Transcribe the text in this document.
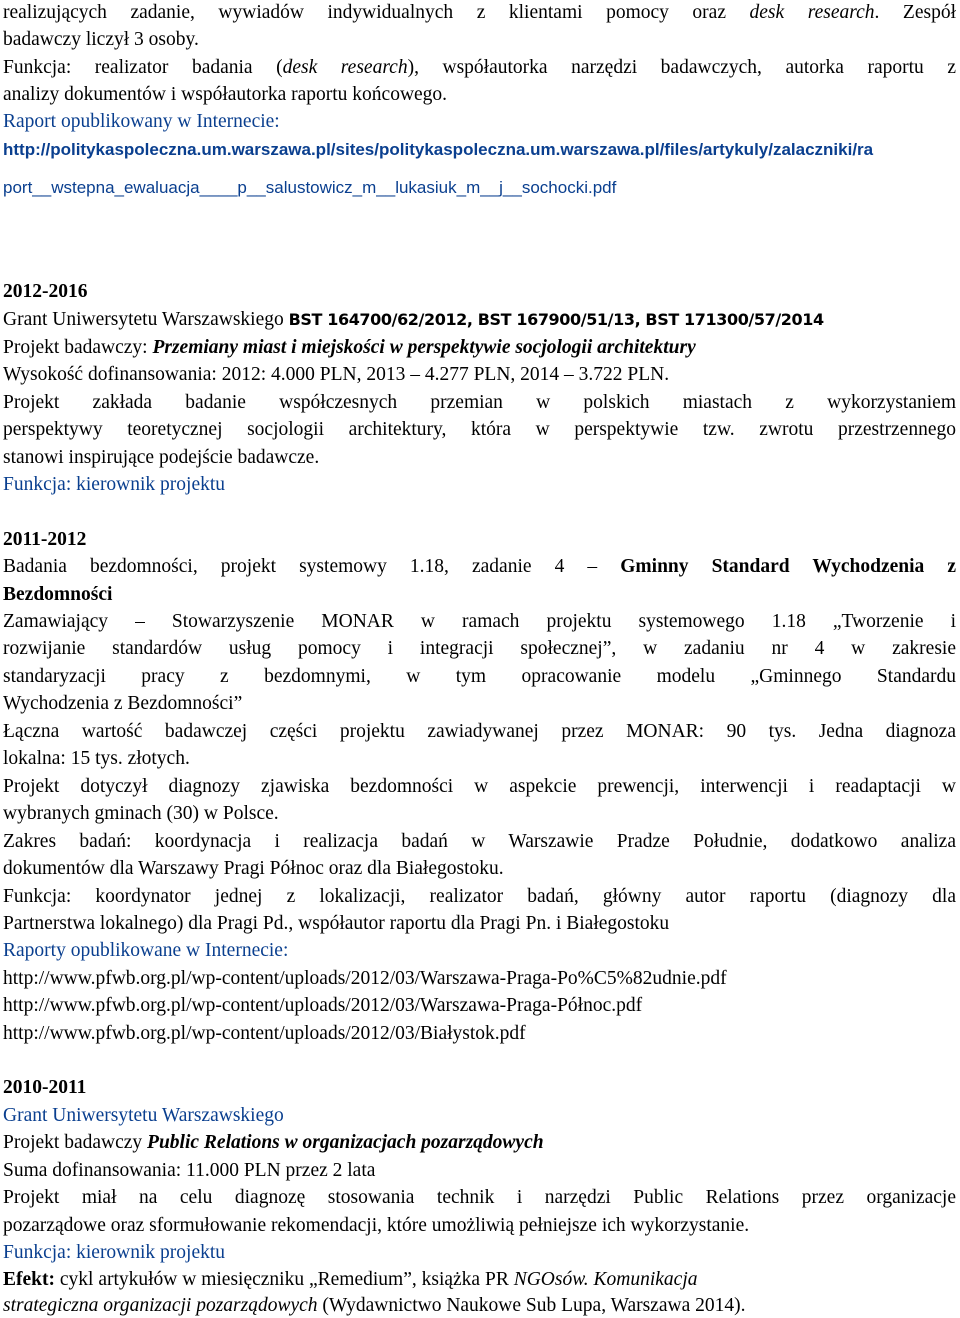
realizujących zadanie, wywiadów indywidualnych z klientami pomocy oraz desk research. Zespół
badawczy liczył 3 osoby.
Funkcja: realizator badania (desk research), współautorka narzędzi badawczych, autorka raportu z
analizy dokumentów i współautorka raportu końcowego.
Raport opublikowany w Internecie:
http://politykaspoleczna.um.warszawa.pl/sites/politykaspoleczna.um.warszawa.pl/files/artykuly/zalaczniki/ra
port__wstepna_ewaluacja____p__salustowicz_m__lukasiuk_m__j__sochocki.pdf
2012-2016
Grant Uniwersytetu Warszawskiego BST 164700/62/2012, BST 167900/51/13, BST 171300/57/2014
Projekt badawczy: Przemiany miast i miejskości w perspektywie socjologii architektury
Wysokość dofinansowania: 2012: 4.000 PLN, 2013 – 4.277 PLN, 2014 – 3.722 PLN.
Projekt zakłada badanie współczesnych przemian w polskich miastach z wykorzystaniem
perspektywy teoretycznej socjologii architektury, która w perspektywie tzw. zwrotu przestrzennego
stanowi inspirujące podejście badawcze.
Funkcja: kierownik projektu
2011-2012
Badania bezdomności, projekt systemowy 1.18, zadanie 4 – Gminny Standard Wychodzenia z
Bezdomności
Zamawiający – Stowarzyszenie MONAR w ramach projektu systemowego 1.18 „Tworzenie i
rozwijanie standardów usług pomocy i integracji społecznej”, w zadaniu nr 4 w zakresie
standaryzacji pracy z bezdomnymi, w tym opracowanie modelu „Gminnego Standardu
Wychodzenia z Bezdomności”
Łączna wartość badawczej części projektu zawiadywanej przez MONAR: 90 tys. Jedna diagnoza
lokalna: 15 tys. złotych.
Projekt dotyczył diagnozy zjawiska bezdomności w aspekcie prewencji, interwencji i readaptacji w
wybranych gminach (30) w Polsce.
Zakres badań: koordynacja i realizacja badań w Warszawie Pradze Południe, dodatkowo analiza
dokumentów dla Warszawy Pragi Północ oraz dla Białegostoku.
Funkcja: koordynator jednej z lokalizacji, realizator badań, główny autor raportu (diagnozy dla
Partnerstwa lokalnego) dla Pragi Pd., współautor raportu dla Pragi Pn. i Białegostoku
Raporty opublikowane w Internecie:
http://www.pfwb.org.pl/wp-content/uploads/2012/03/Warszawa-Praga-Po%C5%82udnie.pdf
http://www.pfwb.org.pl/wp-content/uploads/2012/03/Warszawa-Praga-Północ.pdf
http://www.pfwb.org.pl/wp-content/uploads/2012/03/Białystok.pdf
2010-2011
Grant Uniwersytetu Warszawskiego
Projekt badawczy Public Relations w organizacjach pozarządowych
Suma dofinansowania: 11.000 PLN przez 2 lata
Projekt miał na celu diagnozę stosowania technik i narzędzi Public Relations przez organizacje
pozarządowe oraz sformułowanie rekomendacji, które umożliwią pełniejsze ich wykorzystanie.
Funkcja: kierownik projektu
Efekt: cykl artykułów w miesięczniku „Remedium”, książka PR NGOsów. Komunikacja
strategiczna organizacji pozarządowych (Wydawnictwo Naukowe Sub Lupa, Warszawa 2014).
